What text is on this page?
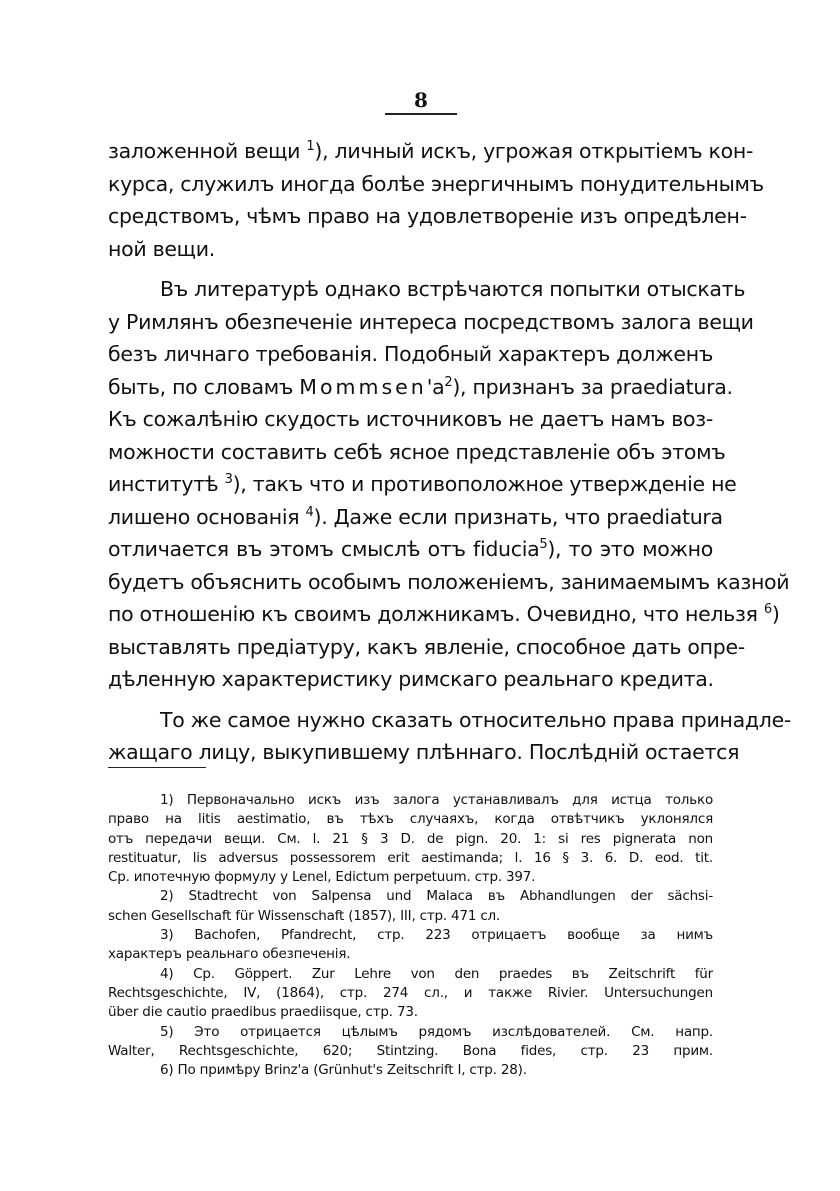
8
заложенной вещи $^1$), личный искъ, угрожая открытіемъ кон-
курса, служилъ иногда болѣе энергичнымъ понудительнымъ
средствомъ, чѣмъ право на удовлетвореніе изъ опредѣлен-
ной вещи.
Въ литературѣ однако встрѣчаются попытки отыскать
у Римлянъ обезпеченіе интереса посредствомъ залога вещи
безъ личнаго требованія. Подобный характеръ долженъ
быть, по словамъ $Mommsen'a^2$), признанъ за praediatura.
Къ сожалѣнію скудость источниковъ не даетъ намъ воз-
можности составить себѣ ясное представленіе объ этомъ
институтѣ $^3$), такъ что и противоположное утвержденіе не
лишено основанія $^4$). Даже если признать, что praediatura
отличается въ этомъ смыслѣ отъ fiducia$^5$), то это можно
будетъ объяснить особымъ положеніемъ, занимаемымъ казной
по отношенію къ своимъ должникамъ. Очевидно, что нельзя $^6$)
выставлять предіатуру, какъ явленіе, способное дать опре-
дѣленную характеристику римскаго реальнаго кредита.
То же самое нужно сказать относительно права принадле-
жащаго лицу, выкупившему плѣннаго. Послѣдній остается
1) Первоначально искъ изъ залога устанавливалъ для истца только
право на litis aestimatio, въ тѣхъ случаяхъ, когда отвѣтчикъ уклонялся
отъ передачи вещи. См. l. 21 § 3 D. de pign. 20. 1: si res pignerata non
restituatur, lis adversus possessorem erit aestimanda; l. 16 § 3. 6. D. eod. tit.
Ср. ипотечную формулу у Lenel, Edictum perpetuum. стр. 397.
2) Stadtrecht von Salpensa und Malaca въ Abhandlungen der sächsi-
schen Gesellschaft für Wissenschaft (1857), III, стр. 471 сл.
3) Bachofen, Pfandrecht, стр. 223 отрицаетъ вообще за нимъ
характеръ реальнаго обезпеченія.
4) Ср. Göppert. Zur Lehre von den praedes въ Zeitschrift für
Rechtsgeschichte, IV, (1864), стр. 274 сл., и также Rivier. Untersuchungen
über die cautio praedibus praediisque, стр. 73.
5) Это отрицается цѣлымъ рядомъ изслѣдователей. См. напр.
Walter, Rechtsgeschichte, 620; Stintzing. Bona fides, стр. 23 прим.
6) По примѣру Brinz'a (Grünhut's Zeitschrift I, стр. 28).
